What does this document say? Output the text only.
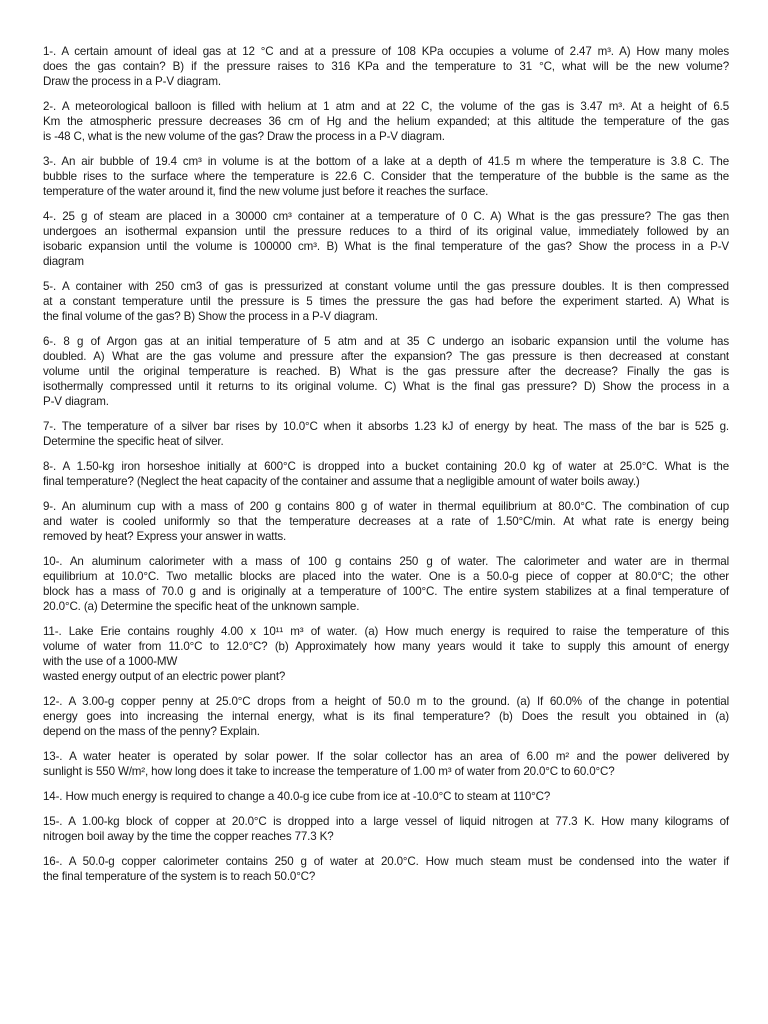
1-. A certain amount of ideal gas at 12 °C and at a pressure of 108 KPa occupies a volume of 2.47 m³. A) How many moles
does the gas contain? B) if the pressure raises to 316 KPa and the temperature to 31 °C, what will be the new volume?
Draw the process in a P-V diagram.
2-. A meteorological balloon is filled with helium at 1 atm and at 22 C, the volume of the gas is 3.47 m³. At a height of 6.5
Km the atmospheric pressure decreases 36 cm of Hg and the helium expanded; at this altitude the temperature of the gas
is -48 C, what is the new volume of the gas? Draw the process in a P-V diagram.
3-. An air bubble of 19.4 cm³ in volume is at the bottom of a lake at a depth of 41.5 m where the temperature is 3.8 C. The
bubble rises to the surface where the temperature is 22.6 C. Consider that the temperature of the bubble is the same as the
temperature of the water around it, find the new volume just before it reaches the surface.
4-. 25 g of steam are placed in a 30000 cm³ container at a temperature of 0 C. A) What is the gas pressure? The gas then
undergoes an isothermal expansion until the pressure reduces to a third of its original value, immediately followed by an
isobaric expansion until the volume is 100000 cm³. B) What is the final temperature of the gas? Show the process in a P-V
diagram
5-. A container with 250 cm3 of gas is pressurized at constant volume until the gas pressure doubles. It is then compressed
at a constant temperature until the pressure is 5 times the pressure the gas had before the experiment started. A) What is
the final volume of the gas? B) Show the process in a P-V diagram.
6-. 8 g of Argon gas at an initial temperature of 5 atm and at 35 C undergo an isobaric expansion until the volume has
doubled. A) What are the gas volume and pressure after the expansion? The gas pressure is then decreased at constant
volume until the original temperature is reached. B) What is the gas pressure after the decrease? Finally the gas is
isothermally compressed until it returns to its original volume. C) What is the final gas pressure? D) Show the process in a
P-V diagram.
7-. The temperature of a silver bar rises by 10.0°C when it absorbs 1.23 kJ of energy by heat. The mass of the bar is 525 g.
Determine the specific heat of silver.
8-. A 1.50-kg iron horseshoe initially at 600°C is dropped into a bucket containing 20.0 kg of water at 25.0°C. What is the
final temperature? (Neglect the heat capacity of the container and assume that a negligible amount of water boils away.)
9-. An aluminum cup with a mass of 200 g contains 800 g of water in thermal equilibrium at 80.0°C. The combination of cup
and water is cooled uniformly so that the temperature decreases at a rate of 1.50°C/min. At what rate is energy being
removed by heat? Express your answer in watts.
10-. An aluminum calorimeter with a mass of 100 g contains 250 g of water. The calorimeter and water are in thermal
equilibrium at 10.0°C. Two metallic blocks are placed into the water. One is a 50.0-g piece of copper at 80.0°C; the other
block has a mass of 70.0 g and is originally at a temperature of 100°C. The entire system stabilizes at a final temperature of
20.0°C. (a) Determine the specific heat of the unknown sample.
11-. Lake Erie contains roughly 4.00 x 10¹¹ m³ of water. (a) How much energy is required to raise the temperature of this
volume of water from 11.0°C to 12.0°C? (b) Approximately how many years would it take to supply this amount of energy
with the use of a 1000-MW
wasted energy output of an electric power plant?
12-. A 3.00-g copper penny at 25.0°C drops from a height of 50.0 m to the ground. (a) If 60.0% of the change in potential
energy goes into increasing the internal energy, what is its final temperature? (b) Does the result you obtained in (a)
depend on the mass of the penny? Explain.
13-. A water heater is operated by solar power. If the solar collector has an area of 6.00 m² and the power delivered by
sunlight is 550 W/m², how long does it take to increase the temperature of 1.00 m³ of water from 20.0°C to 60.0°C?
14-. How much energy is required to change a 40.0-g ice cube from ice at -10.0°C to steam at 110°C?
15-. A 1.00-kg block of copper at 20.0°C is dropped into a large vessel of liquid nitrogen at 77.3 K. How many kilograms of
nitrogen boil away by the time the copper reaches 77.3 K?
16-. A 50.0-g copper calorimeter contains 250 g of water at 20.0°C. How much steam must be condensed into the water if
the final temperature of the system is to reach 50.0°C?
